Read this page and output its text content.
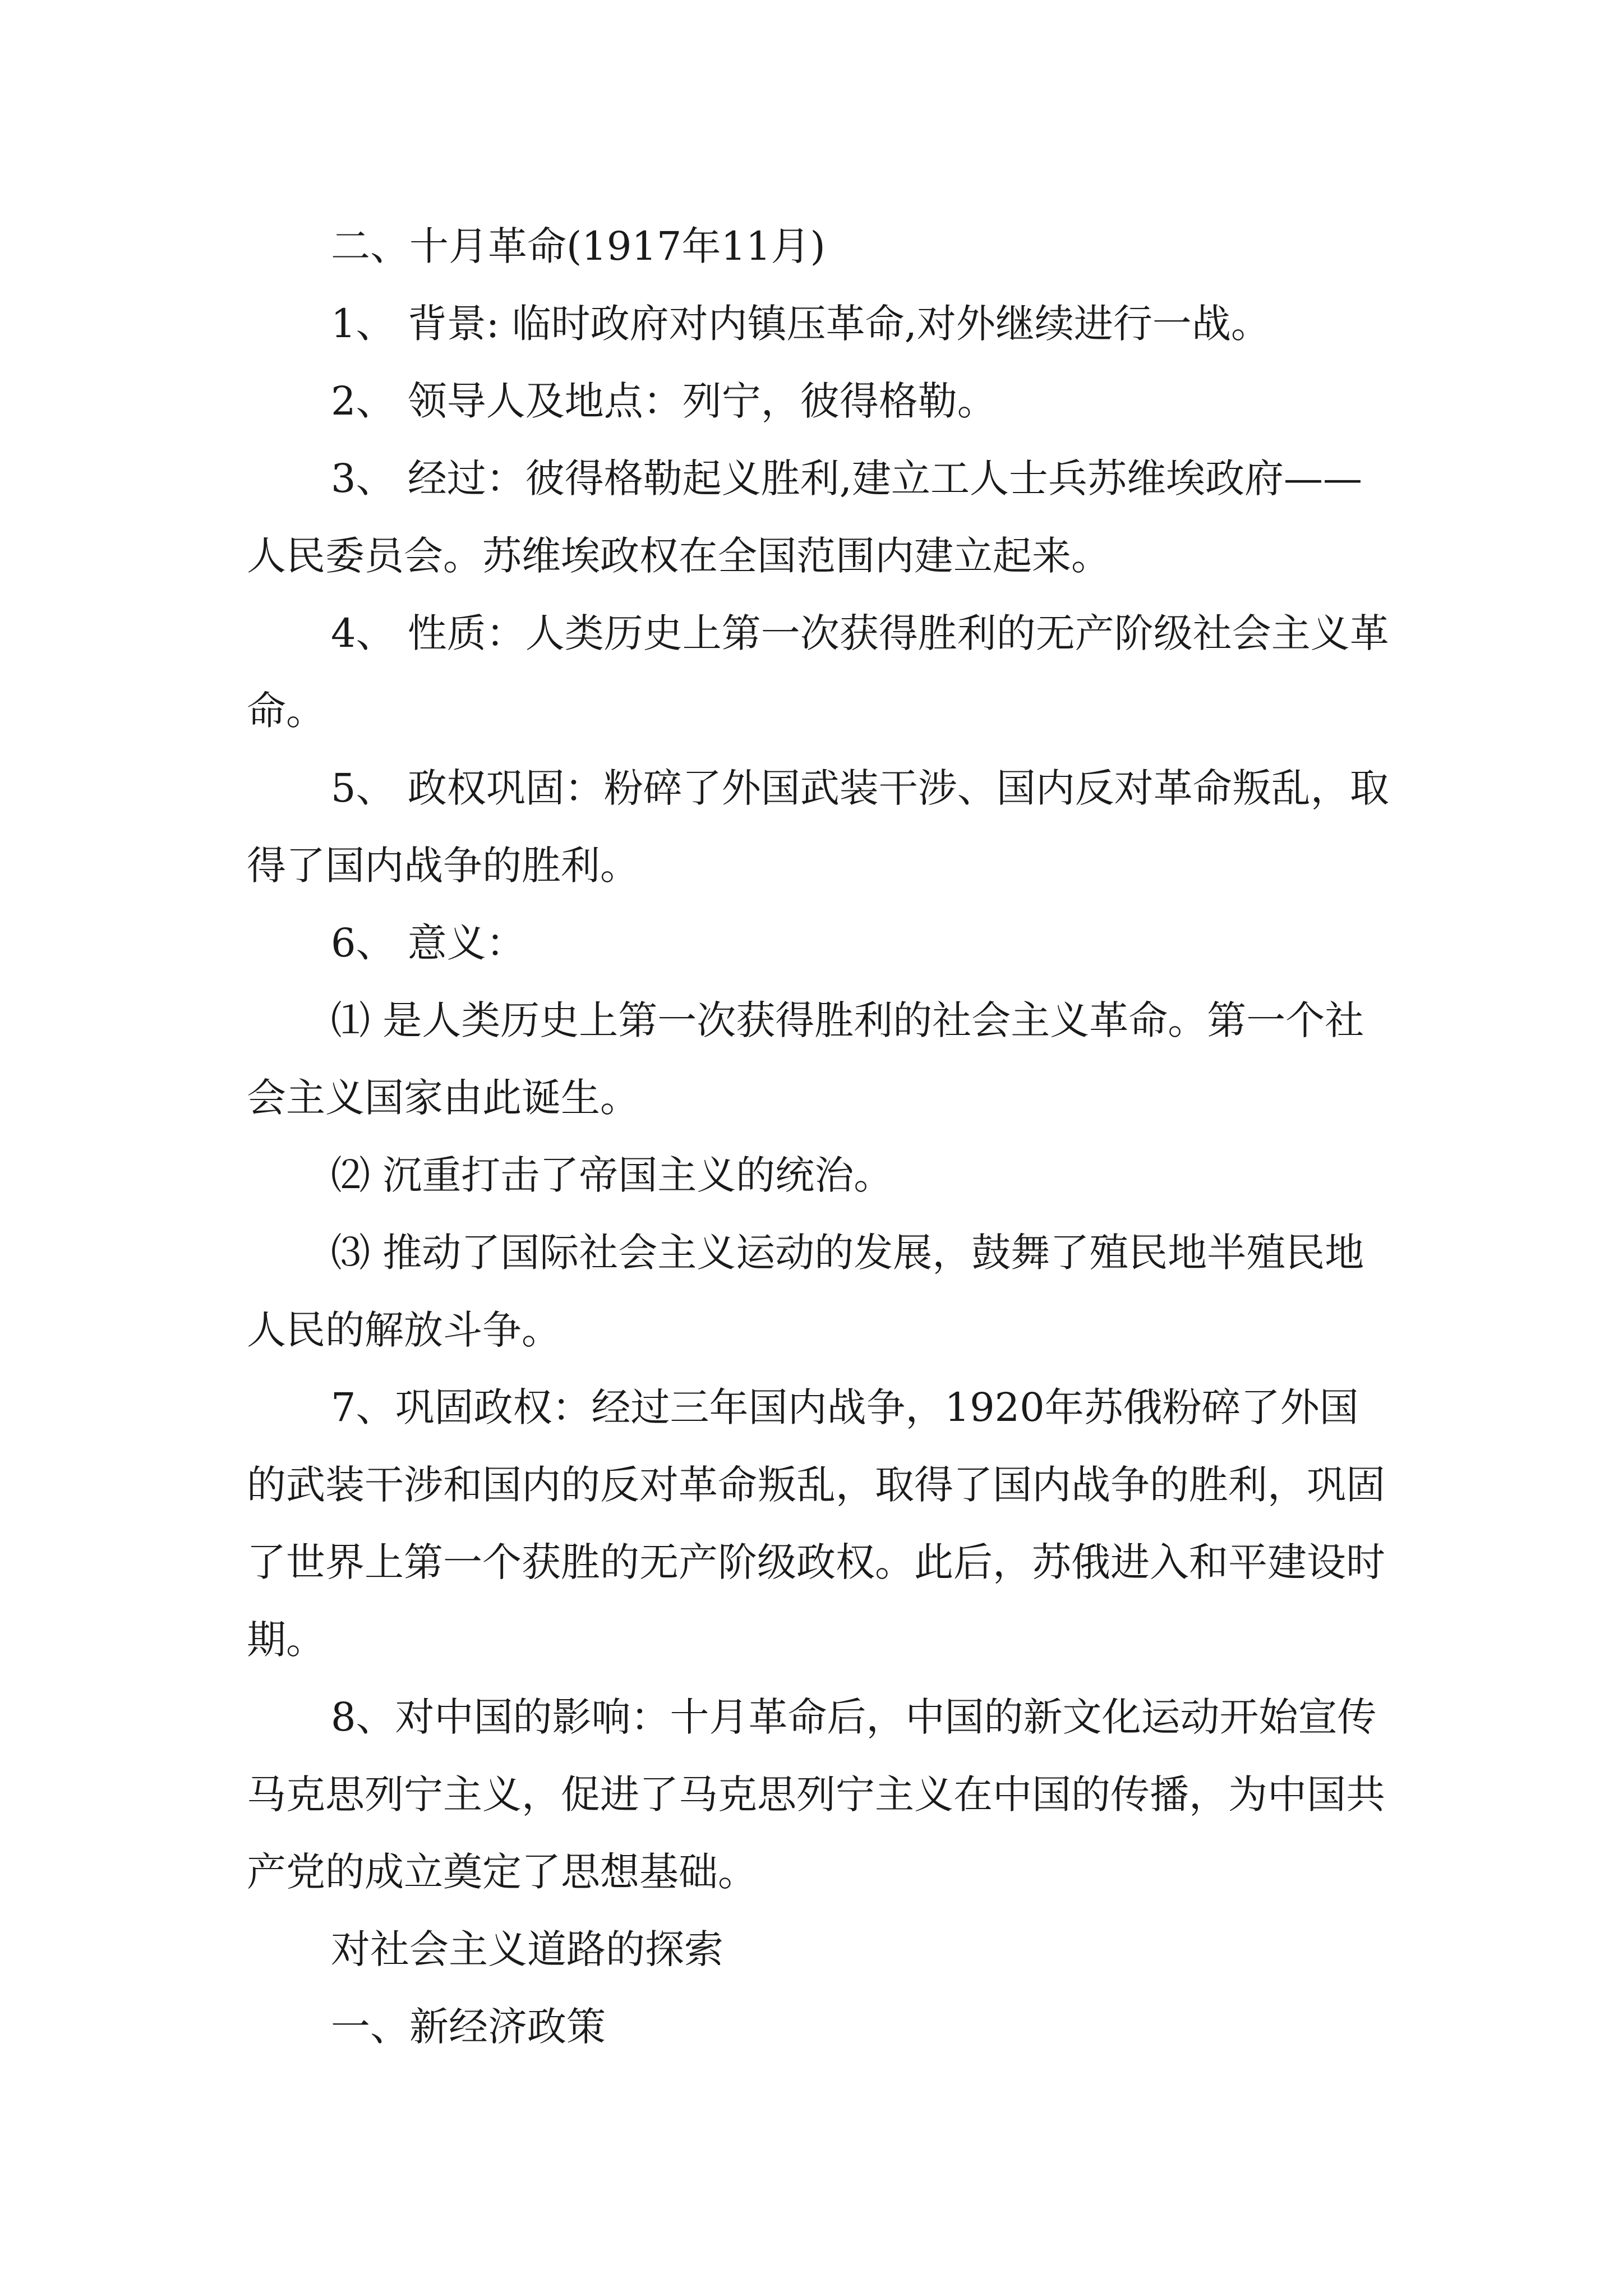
二、十月革命(1917年11月)

1、 背景: 临时政府对内镇压革命,对外继续进行一战。

2、 领导人及地点：列宁，彼得格勒。

3、 经过：彼得格勒起义胜利,建立工人士兵苏维埃政府——人民委员会。苏维埃政权在全国范围内建立起来。

4、 性质：人类历史上第一次获得胜利的无产阶级社会主义革命。

5、 政权巩固：粉碎了外国武装干涉、国内反对革命叛乱，取得了国内战争的胜利。

6、 意义：

⑴ 是人类历史上第一次获得胜利的社会主义革命。第一个社会主义国家由此诞生。

⑵ 沉重打击了帝国主义的统治。

⑶ 推动了国际社会主义运动的发展，鼓舞了殖民地半殖民地人民的解放斗争。

7、巩固政权：经过三年国内战争，1920年苏俄粉碎了外国的武装干涉和国内的反对革命叛乱，取得了国内战争的胜利，巩固了世界上第一个获胜的无产阶级政权。此后，苏俄进入和平建设时期。

8、对中国的影响：十月革命后，中国的新文化运动开始宣传马克思列宁主义，促进了马克思列宁主义在中国的传播，为中国共产党的成立奠定了思想基础。

对社会主义道路的探索

一、新经济政策
